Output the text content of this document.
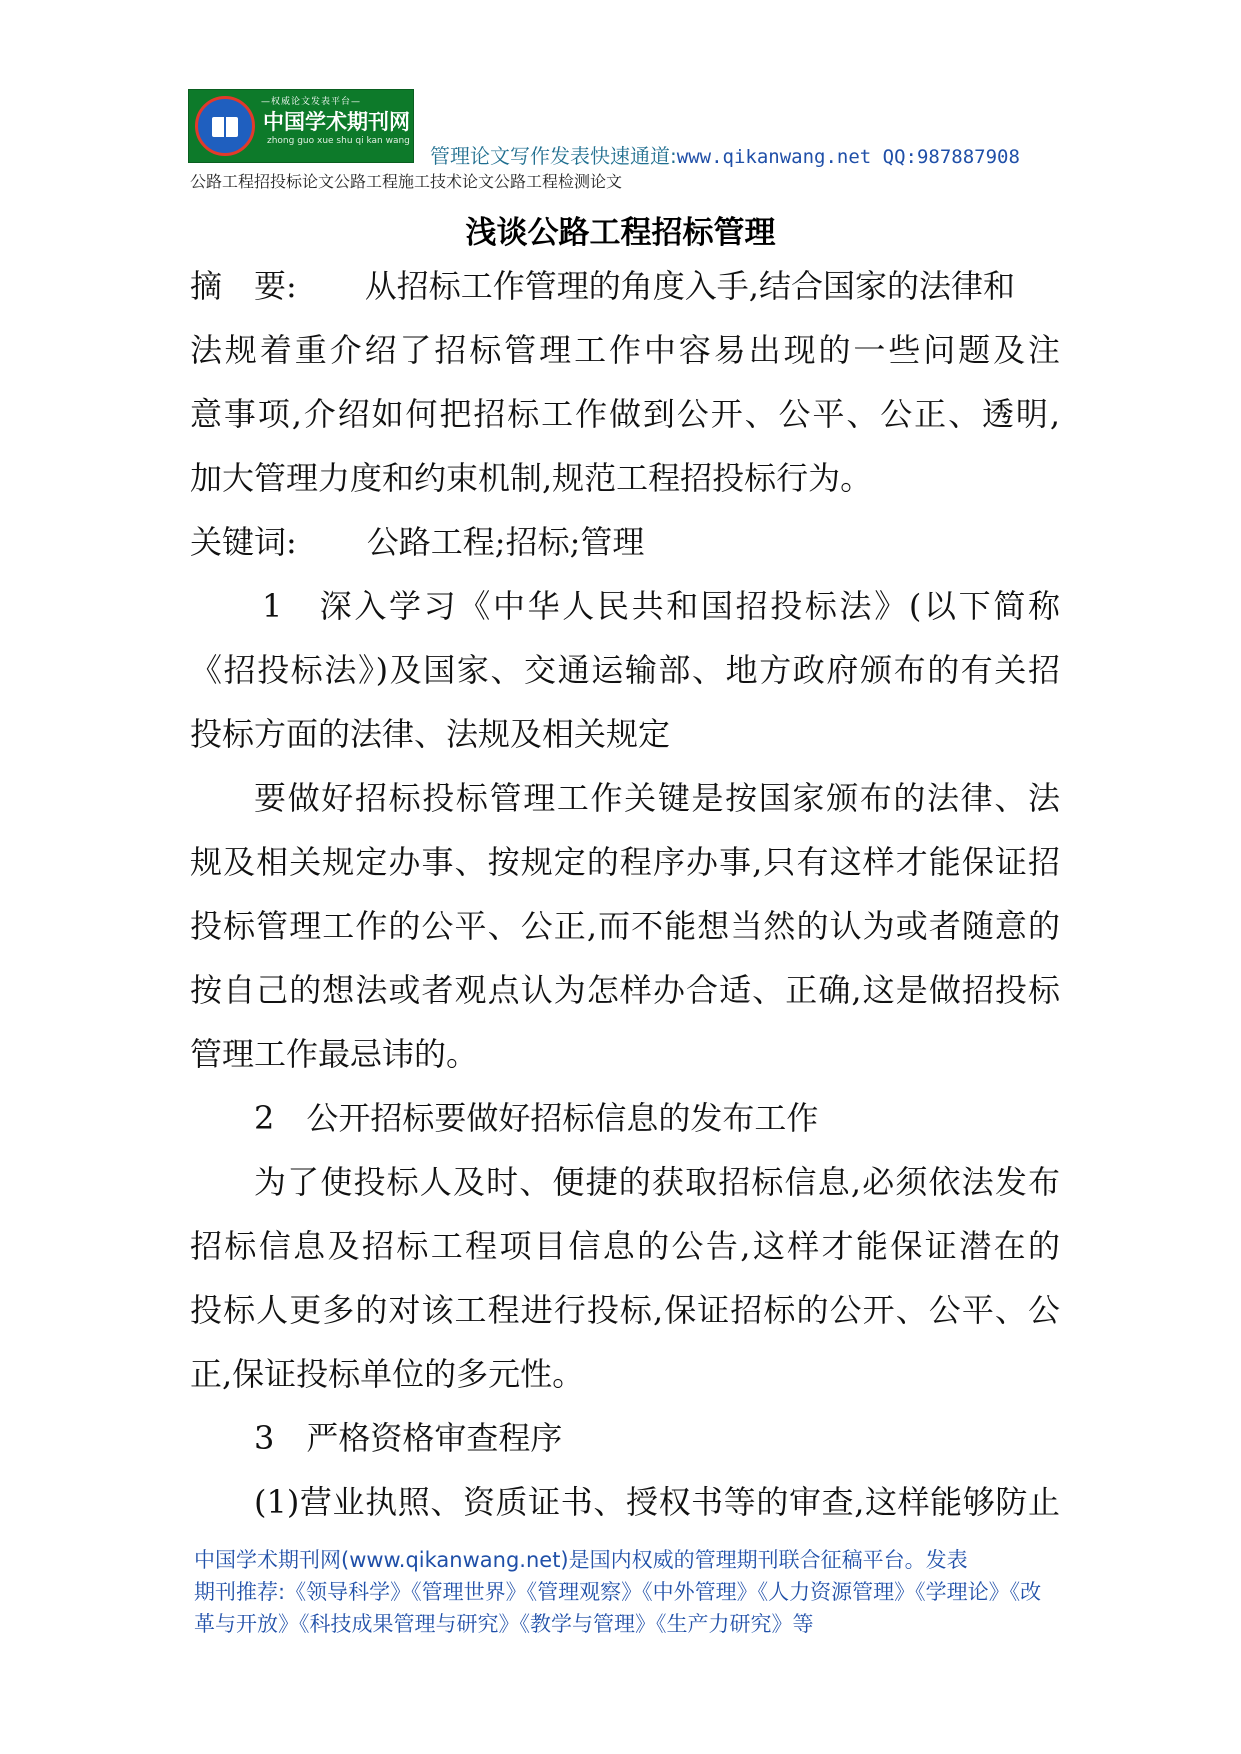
—权威论文发表平台—
中国学术期刊网
zhong guo xue shu qi kan wang
管理论文写作发表快速通道:www.qikanwang.net QQ:987887908
公路工程招投标论文公路工程施工技术论文公路工程检测论文
浅谈公路工程招标管理
摘　要: 从招标工作管理的角度入手,结合国家的法律和
法规着重介绍了招标管理工作中容易出现的一些问题及注
意事项,介绍如何把招标工作做到公开、公平、公正、透明,
加大管理力度和约束机制,规范工程招投标行为。
关键词: 公路工程;招标;管理
1　深入学习《中华人民共和国招投标法》(以下简称
《招投标法》)及国家、交通运输部、地方政府颁布的有关招
投标方面的法律、法规及相关规定
要做好招标投标管理工作关键是按国家颁布的法律、法
规及相关规定办事、按规定的程序办事,只有这样才能保证招
投标管理工作的公平、公正,而不能想当然的认为或者随意的
按自己的想法或者观点认为怎样办合适、正确,这是做招投标
管理工作最忌讳的。
2　公开招标要做好招标信息的发布工作
为了使投标人及时、便捷的获取招标信息,必须依法发布
招标信息及招标工程项目信息的公告,这样才能保证潜在的
投标人更多的对该工程进行投标,保证招标的公开、公平、公
正,保证投标单位的多元性。
3　严格资格审查程序
(1)营业执照、资质证书、授权书等的审查,这样能够防止
中国学术期刊网(www.qikanwang.net)是国内权威的管理期刊联合征稿平台。发表
期刊推荐:《领导科学》《管理世界》《管理观察》《中外管理》《人力资源管理》《学理论》《改
革与开放》《科技成果管理与研究》《教学与管理》《生产力研究》等
